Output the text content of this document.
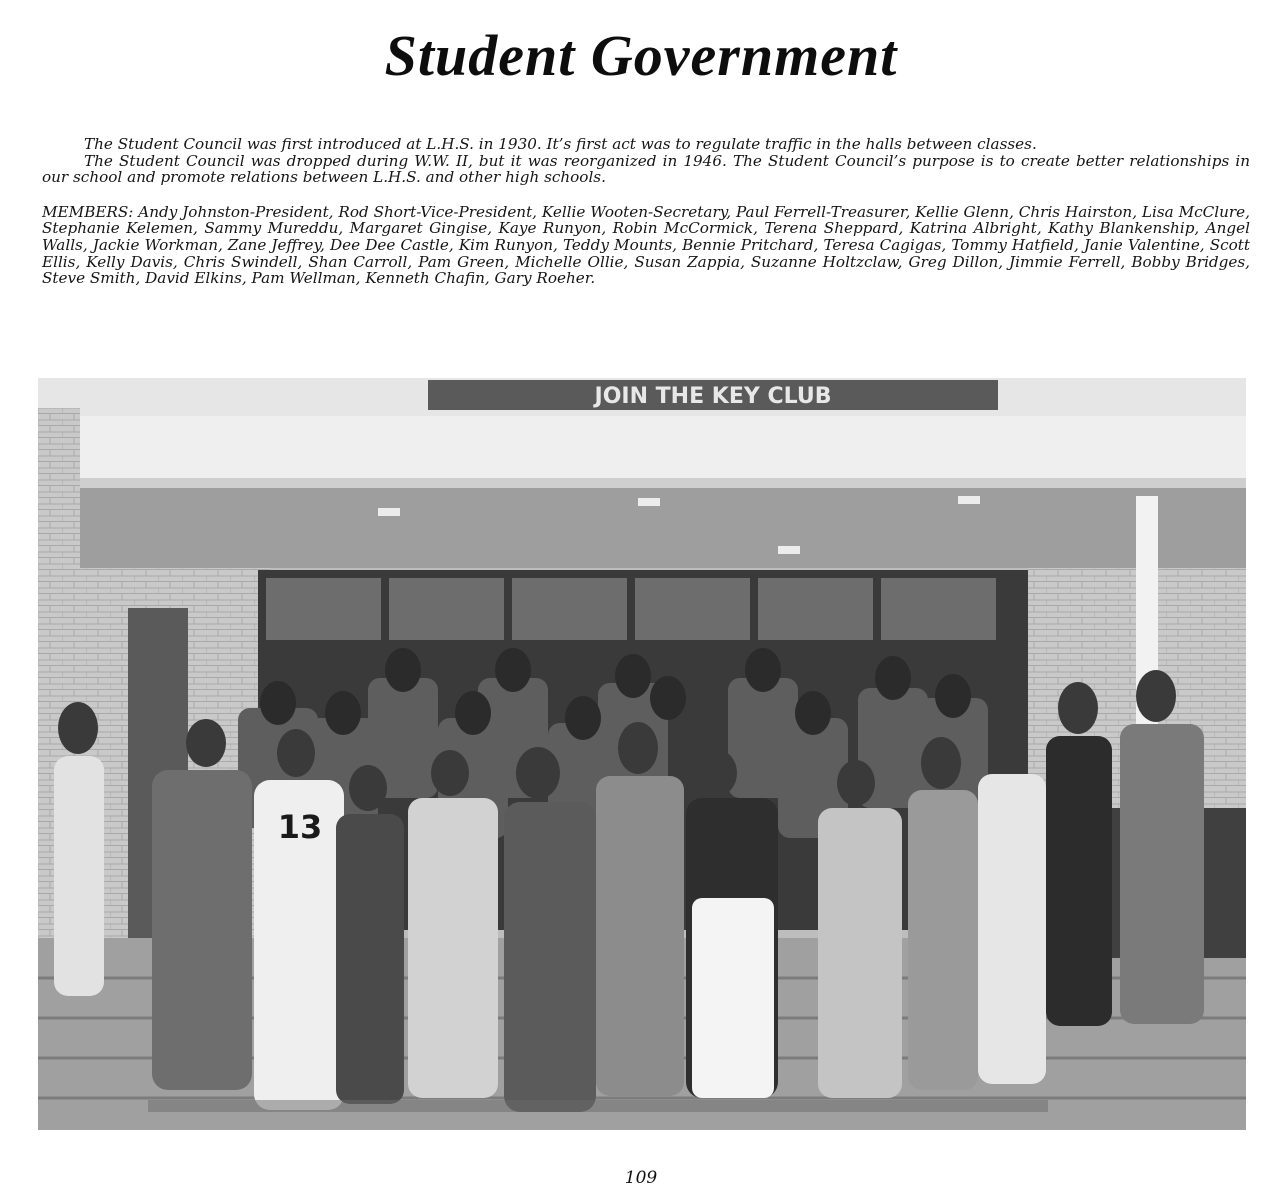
Student Government

The Student Council was first introduced at L.H.S. in 1930. It’s first act was to regulate traffic in the halls between classes.

The Student Council was dropped during W.W. II, but it was reorganized in 1946. The Student Council’s purpose is to create better relationships in our school and promote relations between L.H.S. and other high schools.

MEMBERS: Andy Johnston-President, Rod Short-Vice-President, Kellie Wooten-Secretary, Paul Ferrell-Treasurer, Kellie Glenn, Chris Hairston, Lisa McClure, Stephanie Kelemen, Sammy Mureddu, Margaret Gingise, Kaye Runyon, Robin McCormick, Terena Sheppard, Katrina Albright, Kathy Blankenship, Angel Walls, Jackie Workman, Zane Jeffrey, Dee Dee Castle, Kim Runyon, Teddy Mounts, Bennie Pritchard, Teresa Cagigas, Tommy Hatfield, Janie Valentine, Scott Ellis, Kelly Davis, Chris Swindell, Shan Carroll, Pam Green, Michelle Ollie, Susan Zappia, Suzanne Holtzclaw, Greg Dillon, Jimmie Ferrell, Bobby Bridges, Steve Smith, David Elkins, Pam Wellman, Kenneth Chafin, Gary Roeher.

JOIN THE KEY CLUB
13
109
